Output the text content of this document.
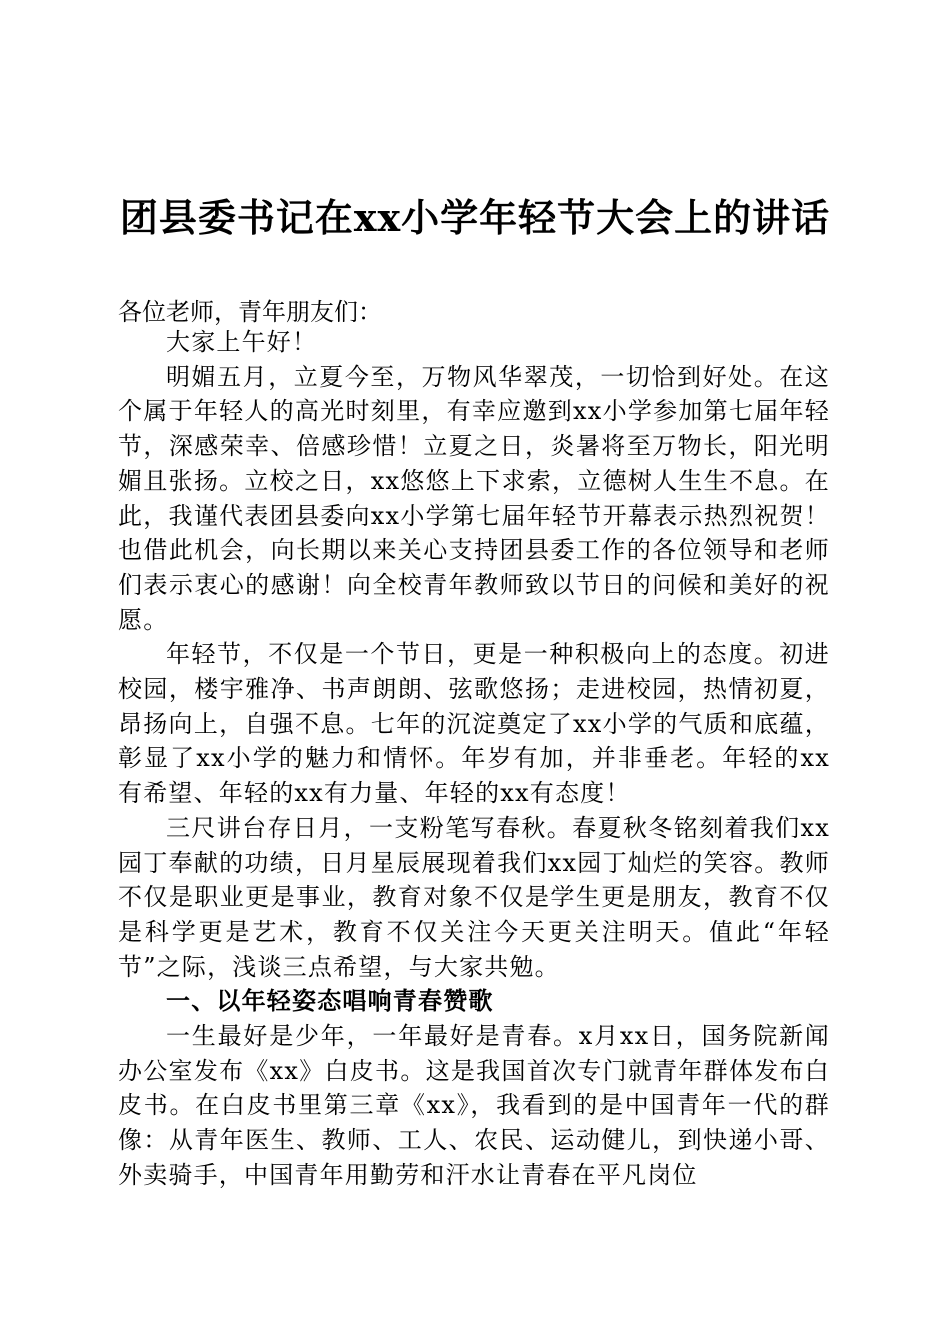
团县委书记在xx小学年轻节大会上的讲话
各位老师，青年朋友们：

大家上午好！

明媚五月，立夏今至，万物风华翠茂，一切恰到好处。在这个属于年轻人的高光时刻里，有幸应邀到xx小学参加第七届年轻节，深感荣幸、倍感珍惜！立夏之日，炎暑将至万物长，阳光明媚且张扬。立校之日，xx悠悠上下求索，立德树人生生不息。在此，我谨代表团县委向xx小学第七届年轻节开幕表示热烈祝贺！也借此机会，向长期以来关心支持团县委工作的各位领导和老师们表示衷心的感谢！向全校青年教师致以节日的问候和美好的祝愿。

年轻节，不仅是一个节日，更是一种积极向上的态度。初进校园，楼宇雅净、书声朗朗、弦歌悠扬；走进校园，热情初夏，昂扬向上，自强不息。七年的沉淀奠定了xx小学的气质和底蕴，彰显了xx小学的魅力和情怀。年岁有加，并非垂老。年轻的xx有希望、年轻的xx有力量、年轻的xx有态度！

三尺讲台存日月，一支粉笔写春秋。春夏秋冬铭刻着我们xx园丁奉献的功绩，日月星辰展现着我们xx园丁灿烂的笑容。教师不仅是职业更是事业，教育对象不仅是学生更是朋友，教育不仅是科学更是艺术，教育不仅关注今天更关注明天。值此“年轻节”之际，浅谈三点希望，与大家共勉。

一、以年轻姿态唱响青春赞歌

一生最好是少年，一年最好是青春。x月xx日，国务院新闻办公室发布《xx》白皮书。这是我国首次专门就青年群体发布白皮书。在白皮书里第三章《xx》，我看到的是中国青年一代的群像：从青年医生、教师、工人、农民、运动健儿，到快递小哥、外卖骑手，中国青年用勤劳和汗水让青春在平凡岗位
